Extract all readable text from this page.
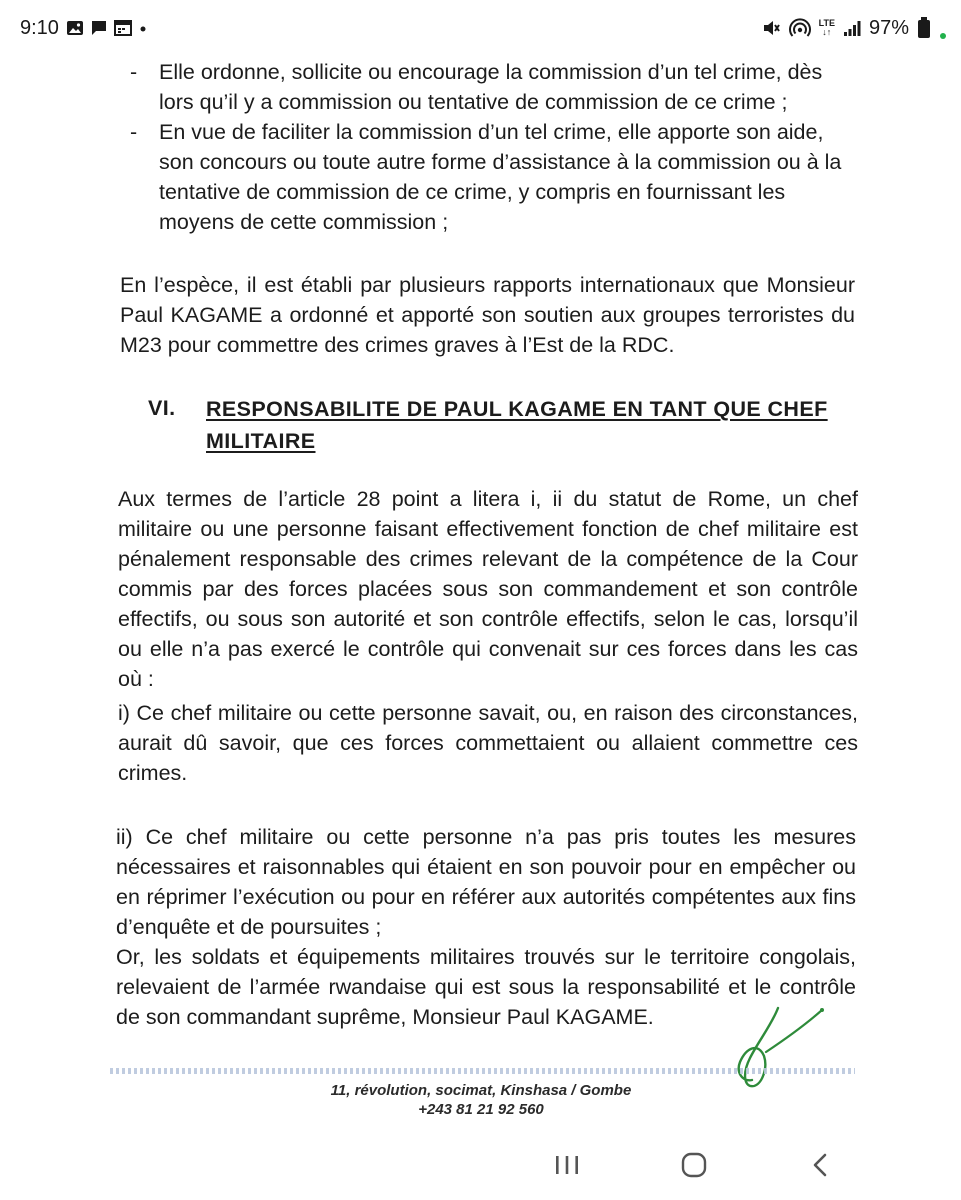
9:10	LTE
↓↑ 97%
- Elle ordonne, sollicite ou encourage la commission d’un tel crime, dès lors qu’il y a commission ou tentative de commission de ce crime ;
- En vue de faciliter la commission d’un tel crime, elle apporte son aide, son concours ou toute autre forme d’assistance à la commission ou à la tentative de commission de ce crime, y compris en fournissant les moyens de cette commission ;

En l’espèce, il est établi par plusieurs rapports internationaux que Monsieur Paul KAGAME a ordonné et apporté son soutien aux groupes terroristes du M23 pour commettre des crimes graves à l’Est de la RDC.

VI. RESPONSABILITE DE PAUL KAGAME EN TANT QUE CHEF MILITAIRE

Aux termes de l’article 28 point a litera i, ii du statut de Rome, un chef militaire ou une personne faisant effectivement fonction de chef militaire est pénalement responsable des crimes relevant de la compétence de la Cour commis par des forces placées sous son commandement et son contrôle effectifs, ou sous son autorité et son contrôle effectifs, selon le cas, lorsqu’il ou elle n’a pas exercé le contrôle qui convenait sur ces forces dans les cas où :

i) Ce chef militaire ou cette personne savait, ou, en raison des circonstances, aurait dû savoir, que ces forces commettaient ou allaient commettre ces crimes.

ii) Ce chef militaire ou cette personne n’a pas pris toutes les mesures nécessaires et raisonnables qui étaient en son pouvoir pour en empêcher ou en réprimer l’exécution ou pour en référer aux autorités compétentes aux fins d’enquête et de poursuites ;

Or, les soldats et équipements militaires trouvés sur le territoire congolais, relevaient de l’armée rwandaise qui est sous la responsabilité et le contrôle de son commandant suprême, Monsieur Paul KAGAME.

11, révolution, socimat, Kinshasa / Gombe
+243 81 21 92 560
